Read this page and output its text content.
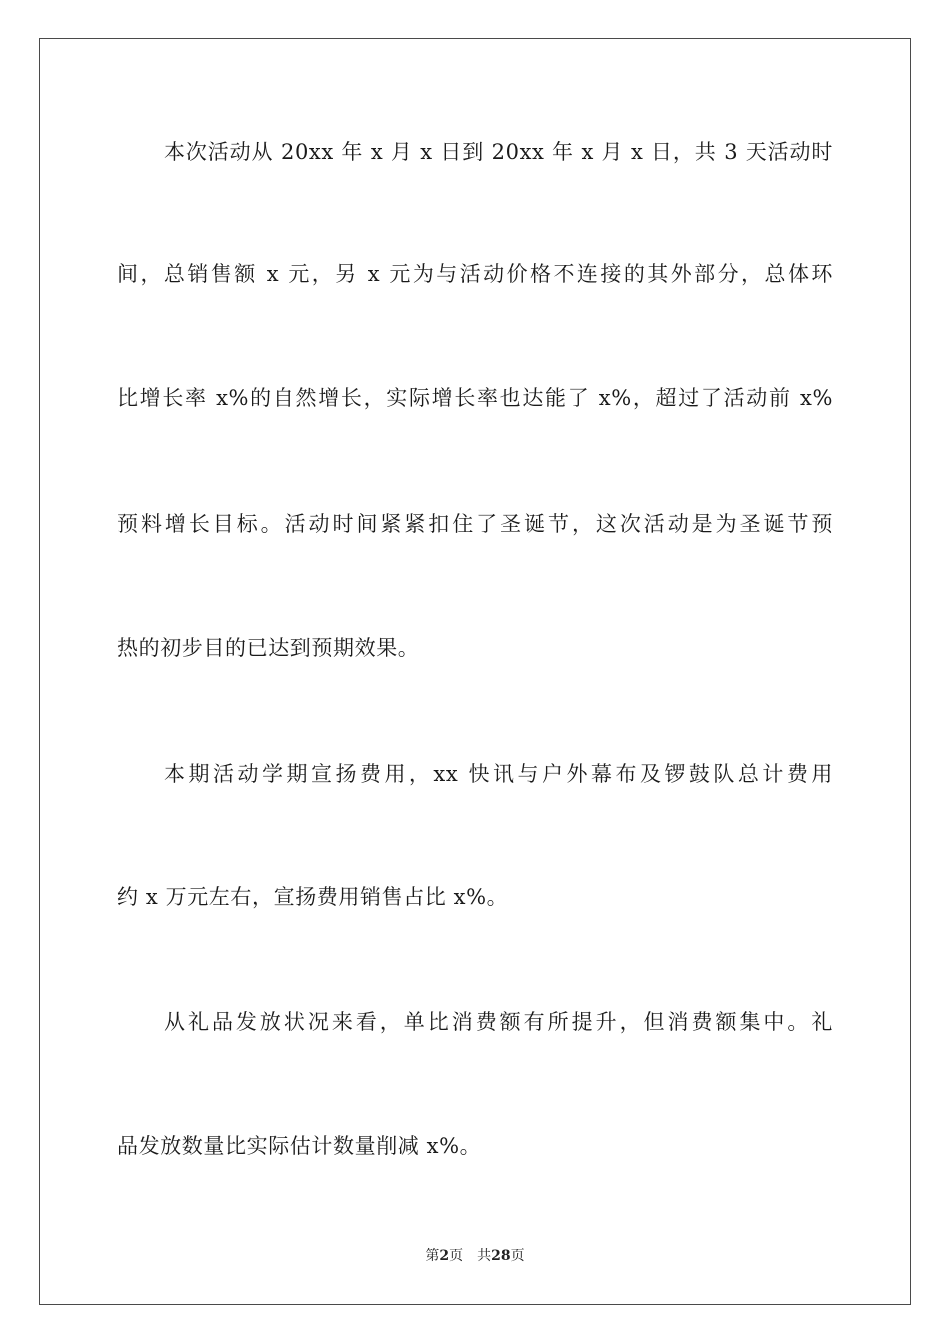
本次活动从 20xx 年 x 月 x 日到 20xx 年 x 月 x 日，共 3 天活动时
间，总销售额 x 元，另 x 元为与活动价格不连接的其外部分，总体环
比增长率 x%的自然增长，实际增长率也达能了 x%，超过了活动前 x%
预料增长目标。活动时间紧紧扣住了圣诞节，这次活动是为圣诞节预
热的初步目的已达到预期效果。
本期活动学期宣扬费用，xx 快讯与户外幕布及锣鼓队总计费用
约 x 万元左右，宣扬费用销售占比 x%。
从礼品发放状况来看，单比消费额有所提升，但消费额集中。礼
品发放数量比实际估计数量削减 x%。
第2页 共28页
